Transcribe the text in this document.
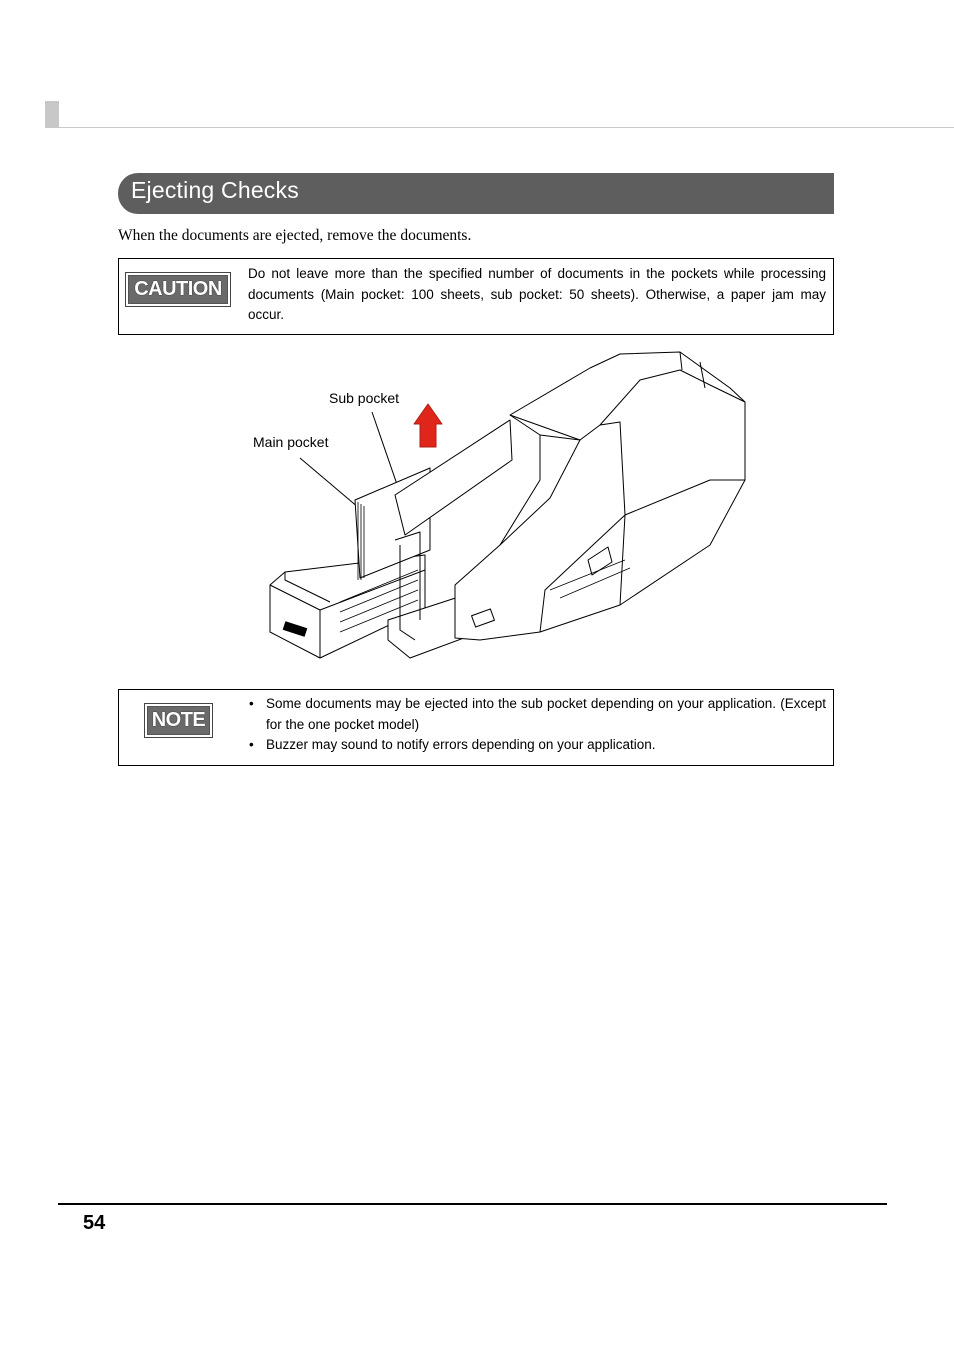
Ejecting Checks
When the documents are ejected, remove the documents.
CAUTION
Do not leave more than the specified number of documents in the pockets while processing documents (Main pocket: 100 sheets, sub pocket: 50 sheets). Otherwise, a paper jam may occur.
Sub pocket
Main pocket
NOTE
• Some documents may be ejected into the sub pocket depending on your application. (Except for the one pocket model)
• Buzzer may sound to notify errors depending on your application.
54
